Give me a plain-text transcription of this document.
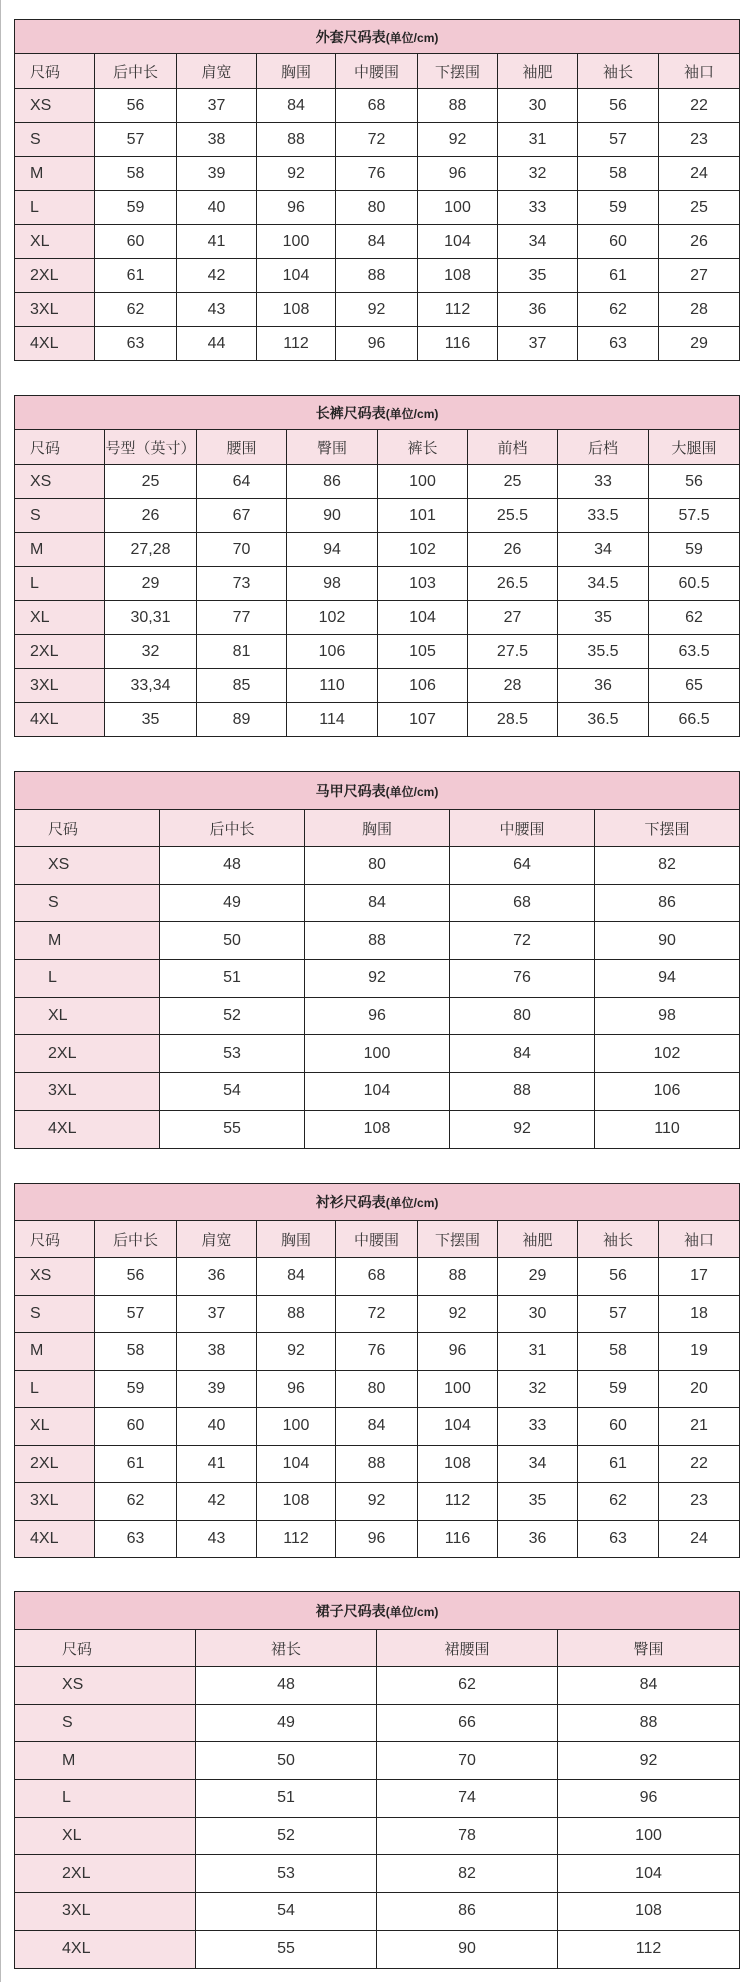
外套尺码表(单位/cm)								
尺码	后中长	肩宽	胸围	中腰围	下摆围	袖肥	袖长	袖口
XS	56	37	84	68	88	30	56	22
S	57	38	88	72	92	31	57	23
M	58	39	92	76	96	32	58	24
L	59	40	96	80	100	33	59	25
XL	60	41	100	84	104	34	60	26
2XL	61	42	104	88	108	35	61	27
3XL	62	43	108	92	112	36	62	28
4XL	63	44	112	96	116	37	63	29
长裤尺码表(单位/cm)							
尺码	号型（英寸）	腰围	臀围	裤长	前档	后档	大腿围
XS	25	64	86	100	25	33	56
S	26	67	90	101	25.5	33.5	57.5
M	27,28	70	94	102	26	34	59
L	29	73	98	103	26.5	34.5	60.5
XL	30,31	77	102	104	27	35	62
2XL	32	81	106	105	27.5	35.5	63.5
3XL	33,34	85	110	106	28	36	65
4XL	35	89	114	107	28.5	36.5	66.5
马甲尺码表(单位/cm)				
尺码	后中长	胸围	中腰围	下摆围
XS	48	80	64	82
S	49	84	68	86
M	50	88	72	90
L	51	92	76	94
XL	52	96	80	98
2XL	53	100	84	102
3XL	54	104	88	106
4XL	55	108	92	110
衬衫尺码表(单位/cm)								
尺码	后中长	肩宽	胸围	中腰围	下摆围	袖肥	袖长	袖口
XS	56	36	84	68	88	29	56	17
S	57	37	88	72	92	30	57	18
M	58	38	92	76	96	31	58	19
L	59	39	96	80	100	32	59	20
XL	60	40	100	84	104	33	60	21
2XL	61	41	104	88	108	34	61	22
3XL	62	42	108	92	112	35	62	23
4XL	63	43	112	96	116	36	63	24
裙子尺码表(单位/cm)			
尺码	裙长	裙腰围	臀围
XS	48	62	84
S	49	66	88
M	50	70	92
L	51	74	96
XL	52	78	100
2XL	53	82	104
3XL	54	86	108
4XL	55	90	112
